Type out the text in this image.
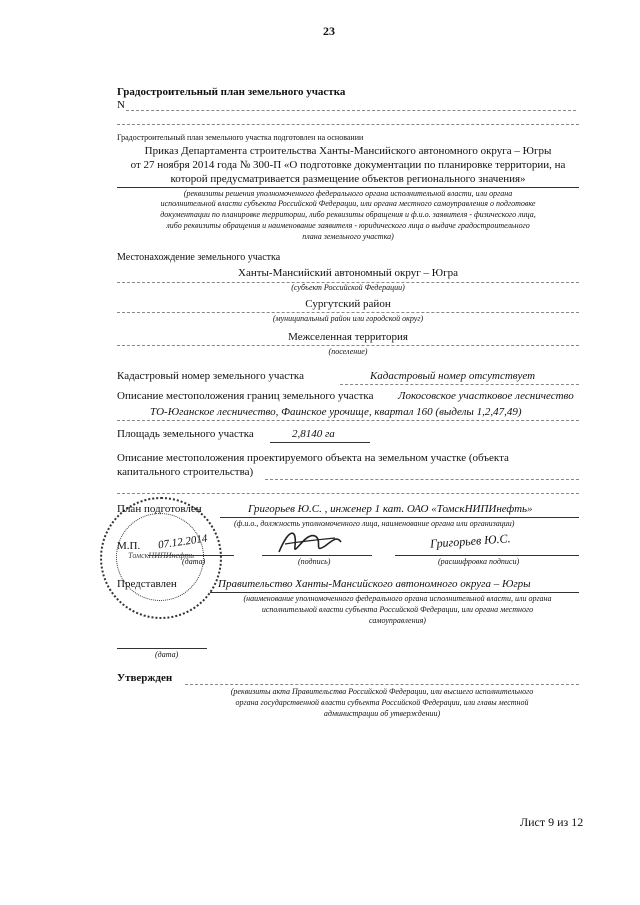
23
Градостроительный план земельного участка
N
Градостроительный план земельного участка подготовлен на основании
Приказ Департамента строительства Ханты-Мансийского автономного округа – Югры
от 27 ноября 2014 года № 300-П «О подготовке документации по планировке территории, на
которой предусматривается размещение объектов регионального значения»
(реквизиты решения уполномоченного федерального органа исполнительной власти, или органа
исполнительной власти субъекта Российской Федерации, или органа местного самоуправления о подготовке
документации по планировке территории, либо реквизиты обращения и ф.и.о. заявителя - физического лица,
либо реквизиты обращения и наименование заявителя - юридического лица о выдаче градостроительного
плана земельного участка)
Местонахождение земельного участка
Ханты-Мансийский автономный округ – Югра
(субъект Российской Федерации)
Сургутский район
(муниципальный район или городской округ)
Межселенная территория
(поселение)
Кадастровый номер земельного участка	Кадастровый номер отсутствует
Описание местоположения границ земельного участка Локосовское участковое лесничество
ТО-Юганское лесничество, Фаинское урочище, квартал 160 (выделы 1,2,47,49)
Площадь земельного участка	2,8140 га
Описание местоположения проектируемого объекта на земельном участке (объекта
капитального строительства)
ТомскНИПИнефть
План подготовлен	Григорьев Ю.С. , инженер 1 кат. ОАО «ТомскНИПИнефть»
(ф.и.о., должность уполномоченного лица, наименование органа или организации)
М.П. 07.12.2014
(дата)	(подпись)
Григорьев Ю.С.
(расшифровка подписи)
Представлен	Правительство Ханты-Мансийского автономного округа – Югры
(наименование уполномоченного федерального органа исполнительной власти, или органа
исполнительной власти субъекта Российской Федерации, или органа местного
самоуправления)
(дата)
Утвержден
(реквизиты акта Правительства Российской Федерации, или высшего исполнительного
органа государственной власти субъекта Российской Федерации, или главы местной
администрации об утверждении)
Лист 9 из 12
